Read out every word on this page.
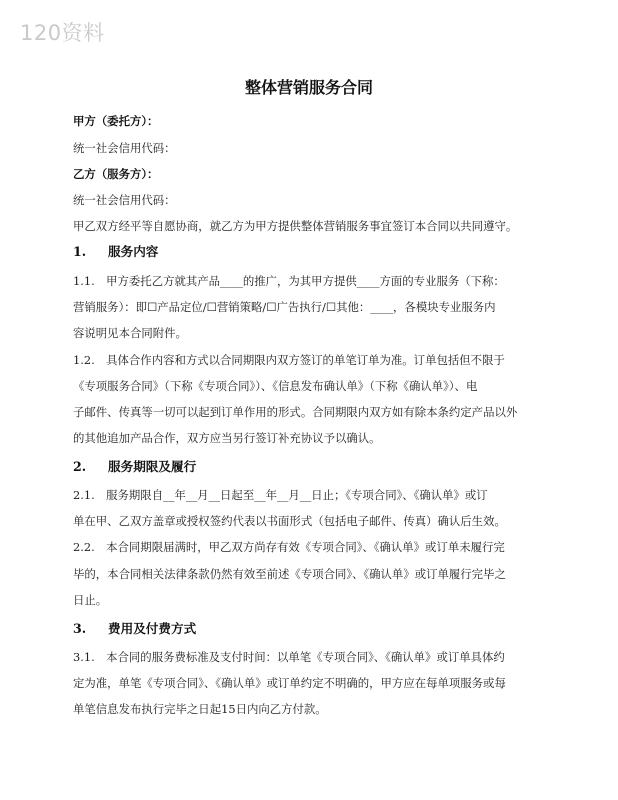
120资料
整体营销服务合同
甲方（委托方）：
统一社会信用代码：
乙方（服务方）：
统一社会信用代码：
甲乙双方经平等自愿协商，就乙方为甲方提供整体营销服务事宜签订本合同以共同遵守。
1. 服务内容
1.1.　甲方委托乙方就其产品____的推广，为其甲方提供____方面的专业服务（下称：
营销服务）：即☐产品定位/☐营销策略/☐广告执行/☐其他：____，各模块专业服务内
容说明见本合同附件。
1.2.　具体合作内容和方式以合同期限内双方签订的单笔订单为准。订单包括但不限于
《专项服务合同》（下称《专项合同》）、《信息发布确认单》（下称《确认单》）、电
子邮件、传真等一切可以起到订单作用的形式。合同期限内双方如有除本条约定产品以外
的其他追加产品合作，双方应当另行签订补充协议予以确认。
2. 服务期限及履行
2.1.　服务期限自__年__月__日起至__年__月__日止；《专项合同》、《确认单》或订
单在甲、乙双方盖章或授权签约代表以书面形式（包括电子邮件、传真）确认后生效。
2.2.　本合同期限届满时，甲乙双方尚存有效《专项合同》、《确认单》或订单未履行完
毕的，本合同相关法律条款仍然有效至前述《专项合同》、《确认单》或订单履行完毕之
日止。
3. 费用及付费方式
3.1.　本合同的服务费标准及支付时间：以单笔《专项合同》、《确认单》或订单具体约
定为准，单笔《专项合同》、《确认单》或订单约定不明确的，甲方应在每单项服务或每
单笔信息发布执行完毕之日起15日内向乙方付款。
